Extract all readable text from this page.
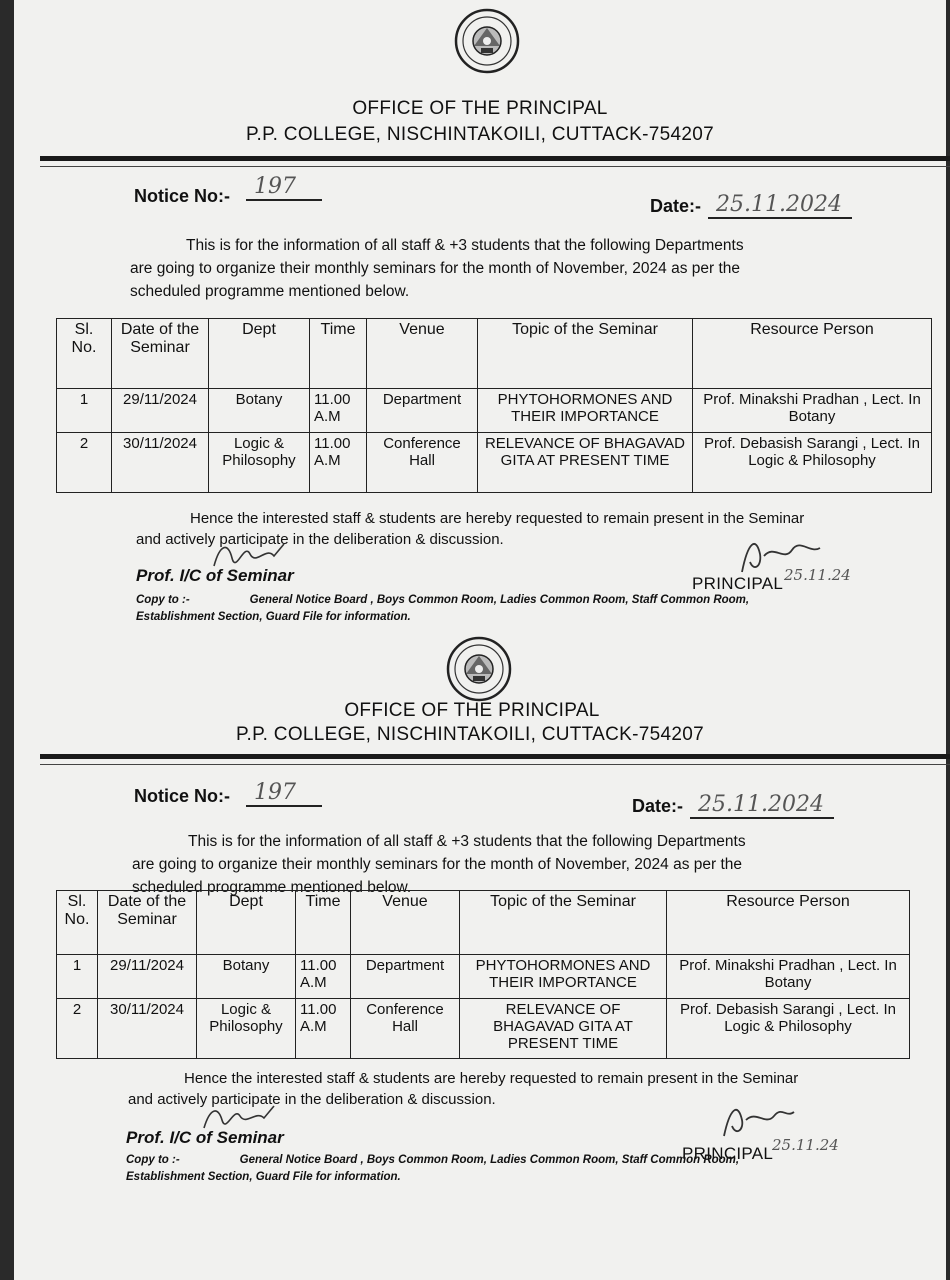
OFFICE OF THE PRINCIPAL
P.P. COLLEGE, NISCHINTAKOILI, CUTTACK-754207
Notice No:-	197
Date:- 25.11.2024
This is for the information of all staff & +3 students that the following Departments
are going to organize their monthly seminars for the month of November, 2024 as per the
scheduled programme mentioned below.
Sl. No.	Date of the Seminar	Dept	Time	Venue	Topic of the Seminar	Resource Person
1	29/11/2024	Botany	11.00 A.M	Department	PHYTOHORMONES AND THEIR IMPORTANCE	Prof. Minakshi Pradhan , Lect. In Botany
2	30/11/2024	Logic & Philosophy	11.00 A.M	Conference Hall	RELEVANCE OF BHAGAVAD GITA AT PRESENT TIME	Prof. Debasish Sarangi , Lect. In Logic & Philosophy
Hence the interested staff & students are hereby requested to remain present in the Seminar
and actively participate in the deliberation & discussion.
Prof. I/C of Seminar	PRINCIPAL 25.11.24
Copy to :-	General Notice Board , Boys Common Room, Ladies Common Room, Staff Common Room,
Establishment Section, Guard File for information.
OFFICE OF THE PRINCIPAL
P.P. COLLEGE, NISCHINTAKOILI, CUTTACK-754207
Notice No:-	197
Date:- 25.11.2024
This is for the information of all staff & +3 students that the following Departments
are going to organize their monthly seminars for the month of November, 2024 as per the
scheduled programme mentioned below.
Sl. No.	Date of the Seminar	Dept	Time	Venue	Topic of the Seminar	Resource Person
1	29/11/2024	Botany	11.00 A.M	Department	PHYTOHORMONES AND THEIR IMPORTANCE	Prof. Minakshi Pradhan , Lect. In Botany
2	30/11/2024	Logic & Philosophy	11.00 A.M	Conference Hall	RELEVANCE OF BHAGAVAD GITA AT PRESENT TIME	Prof. Debasish Sarangi , Lect. In Logic & Philosophy
Hence the interested staff & students are hereby requested to remain present in the Seminar
and actively participate in the deliberation & discussion.
Prof. I/C of Seminar
PRINCIPAL
25.11.24
Copy to :-	General Notice Board , Boys Common Room, Ladies Common Room, Staff Common Room,
Establishment Section, Guard File for information.
